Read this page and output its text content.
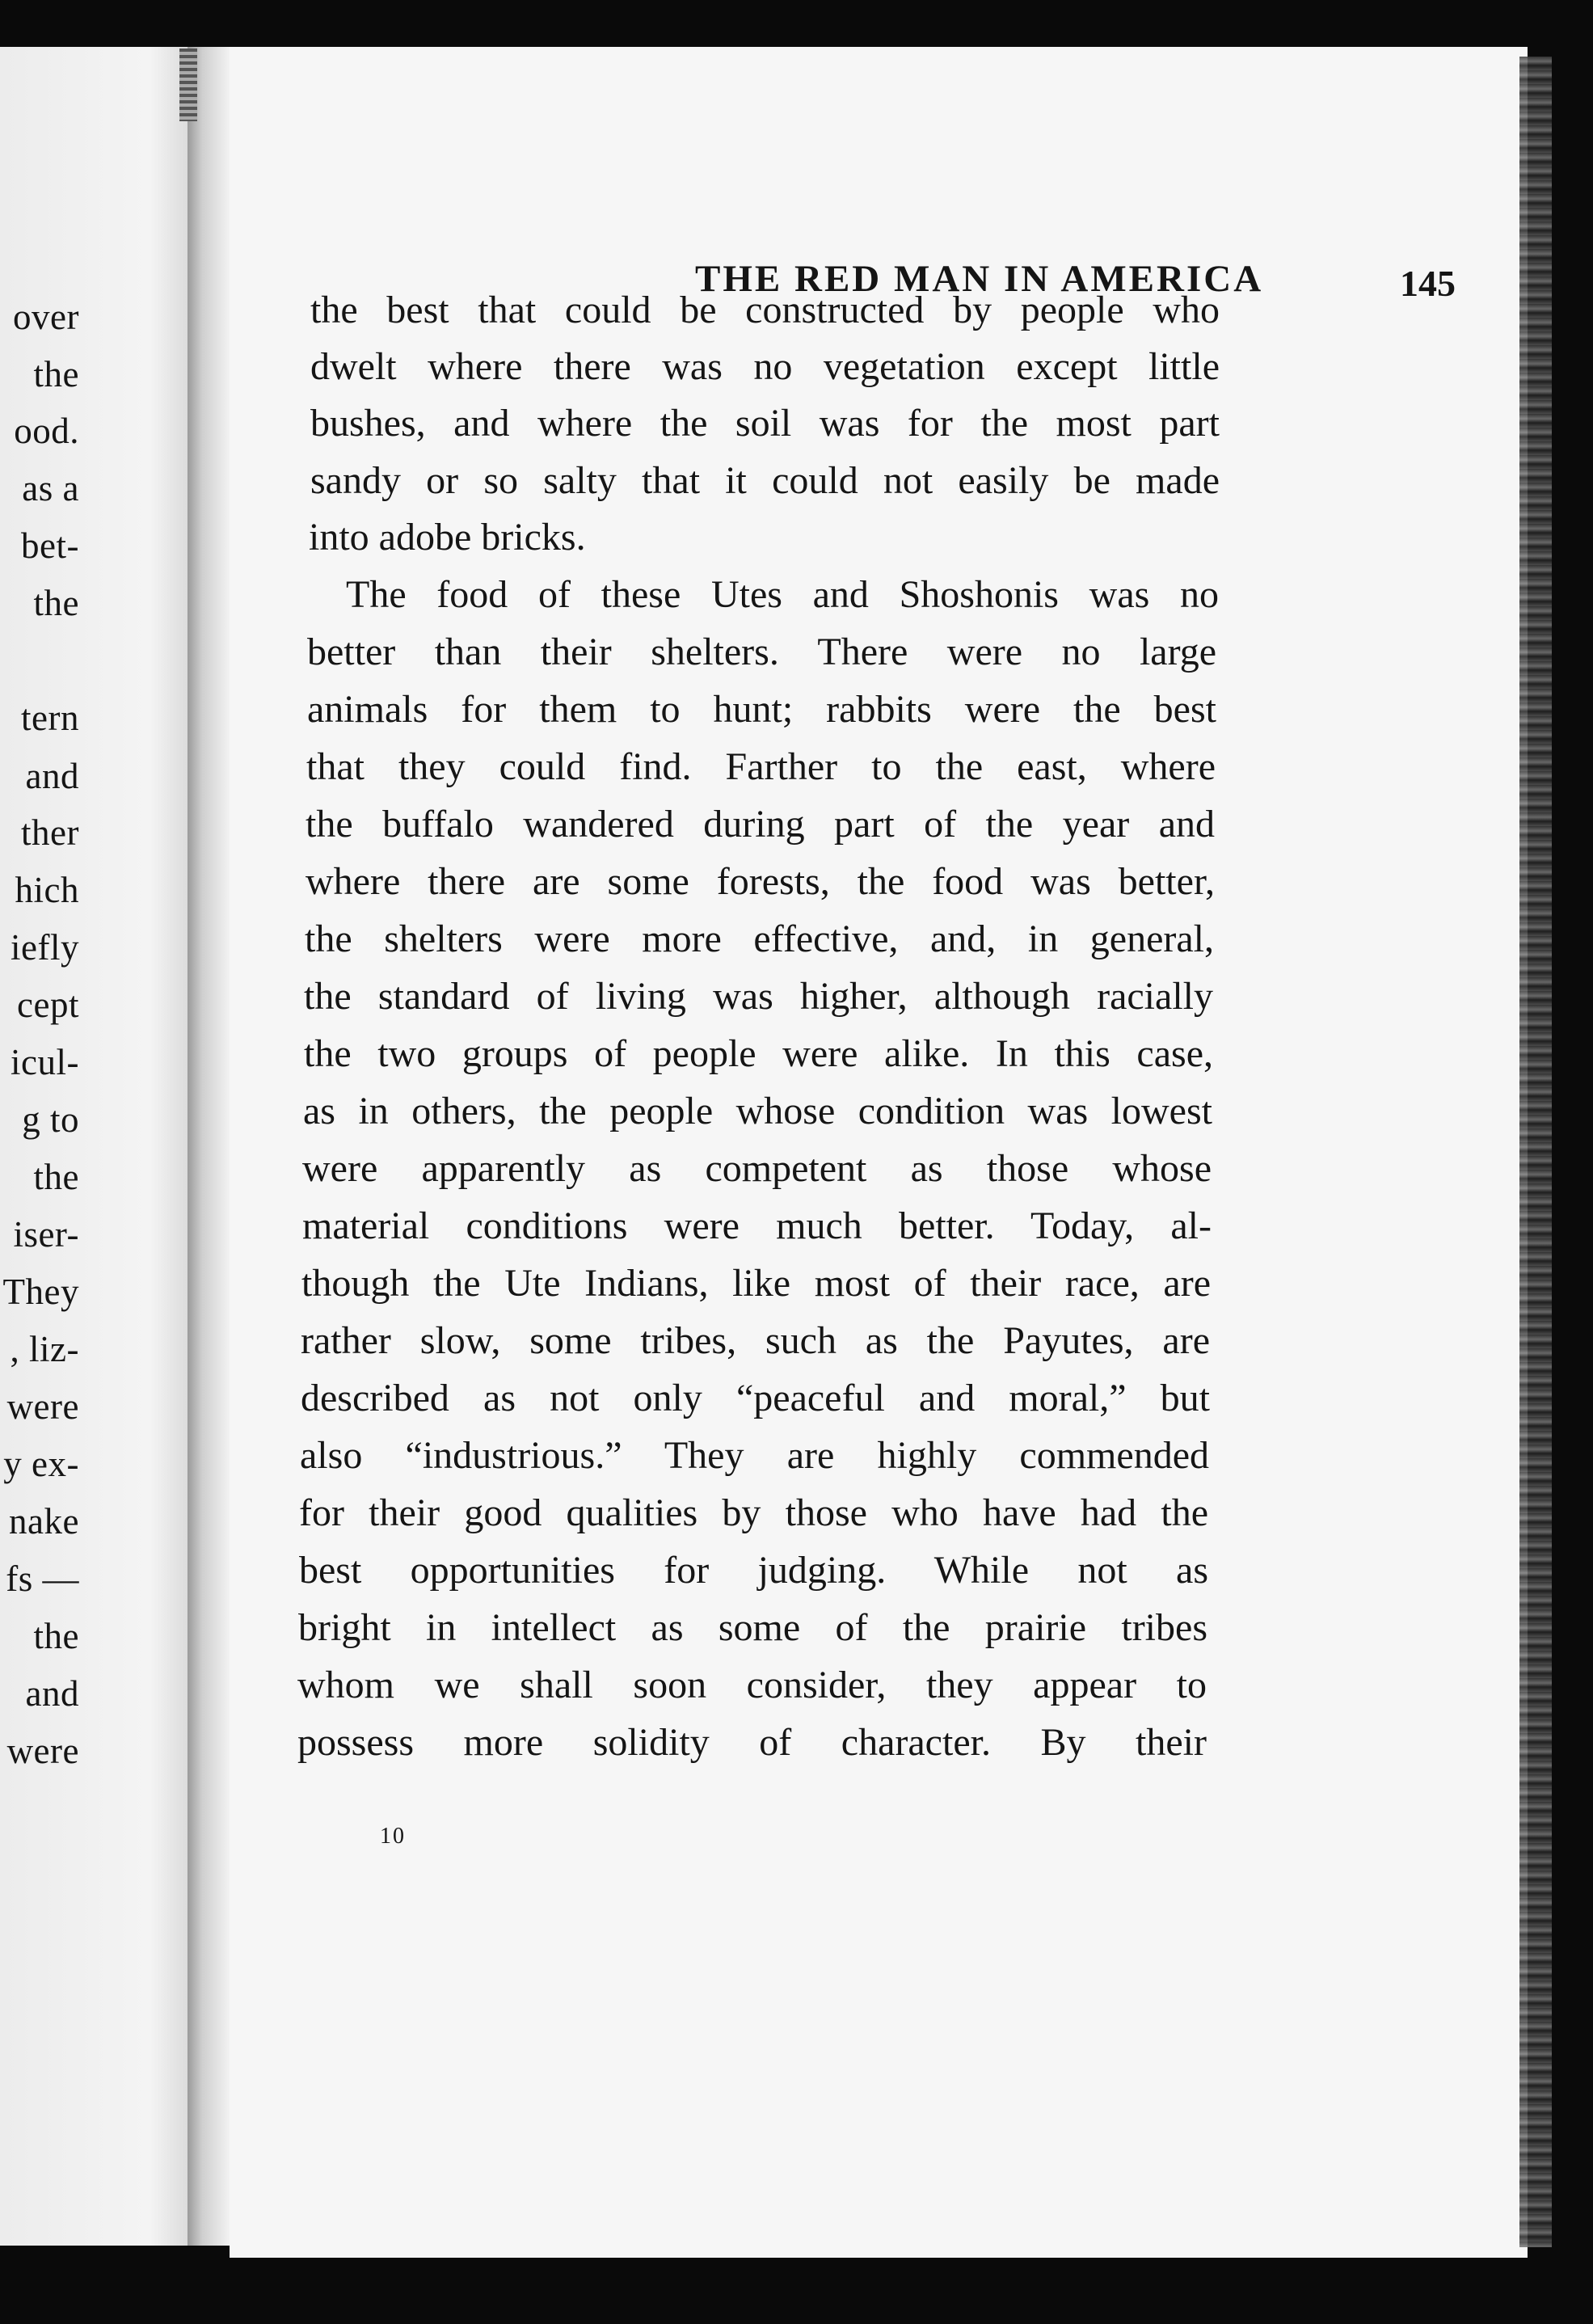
over
the
ood.
as a
bet-
the
tern
and
ther
hich
iefly
cept
icul-
g to
the
iser-
They
, liz-
were
y ex-
nake
fs —
the
and
were
THE RED MAN IN AMERICA	145
the best that could be constructed by people who
dwelt where there was no vegetation except little
bushes, and where the soil was for the most part
sandy or so salty that it could not easily be made
into adobe bricks.
The food of these Utes and Shoshonis was no
better than their shelters. There were no large
animals for them to hunt; rabbits were the best
that they could find. Farther to the east, where
the buffalo wandered during part of the year and
where there are some forests, the food was better,
the shelters were more effective, and, in general,
the standard of living was higher, although racially
the two groups of people were alike. In this case,
as in others, the people whose condition was lowest
were apparently as competent as those whose
material conditions were much better. Today, al-
though the Ute Indians, like most of their race, are
rather slow, some tribes, such as the Payutes, are
described as not only “peaceful and moral,” but
also “industrious.” They are highly commended
for their good qualities by those who have had the
best opportunities for judging. While not as
bright in intellect as some of the prairie tribes
whom we shall soon consider, they appear to
possess more solidity of character. By their
10
